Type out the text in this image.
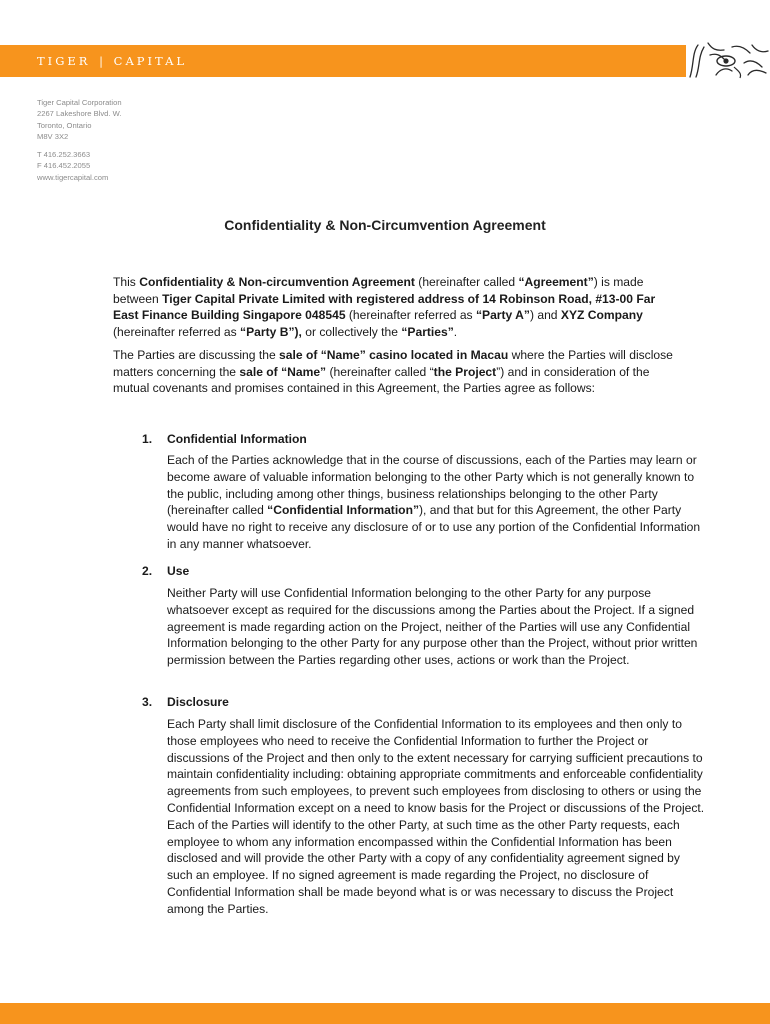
TIGER | CAPITAL
Tiger Capital Corporation
2267 Lakeshore Blvd. W.
Toronto, Ontario
M8V 3X2
T 416.252.3663
F 416.452.2055
www.tigercapital.com
Confidentiality & Non-Circumvention Agreement
This Confidentiality & Non-circumvention Agreement (hereinafter called “Agreement”) is made between Tiger Capital Private Limited with registered address of 14 Robinson Road, #13-00 Far East Finance Building Singapore 048545 (hereinafter referred as “Party A”) and XYZ Company (hereinafter referred as “Party B”), or collectively the “Parties”.
The Parties are discussing the sale of “Name” casino located in Macau where the Parties will disclose matters concerning the sale of “Name” (hereinafter called “the Project”) and in consideration of the mutual covenants and promises contained in this Agreement, the Parties agree as follows:
1. Confidential Information
Each of the Parties acknowledge that in the course of discussions, each of the Parties may learn or become aware of valuable information belonging to the other Party which is not generally known to the public, including among other things, business relationships belonging to the other Party (hereinafter called “Confidential Information”), and that but for this Agreement, the other Party would have no right to receive any disclosure of or to use any portion of the Confidential Information in any manner whatsoever.
2. Use
Neither Party will use Confidential Information belonging to the other Party for any purpose whatsoever except as required for the discussions among the Parties about the Project. If a signed agreement is made regarding action on the Project, neither of the Parties will use any Confidential Information belonging to the other Party for any purpose other than the Project, without prior written permission between the Parties regarding other uses, actions or work than the Project.
3. Disclosure
Each Party shall limit disclosure of the Confidential Information to its employees and then only to those employees who need to receive the Confidential Information to further the Project or discussions of the Project and then only to the extent necessary for carrying sufficient precautions to maintain confidentiality including: obtaining appropriate commitments and enforceable confidentiality agreements from such employees, to prevent such employees from disclosing to others or using the Confidential Information except on a need to know basis for the Project or discussions of the Project. Each of the Parties will identify to the other Party, at such time as the other Party requests, each employee to whom any information encompassed within the Confidential Information has been disclosed and will provide the other Party with a copy of any confidentiality agreement signed by such an employee. If no signed agreement is made regarding the Project, no disclosure of Confidential Information shall be made beyond what is or was necessary to discuss the Project among the Parties.
